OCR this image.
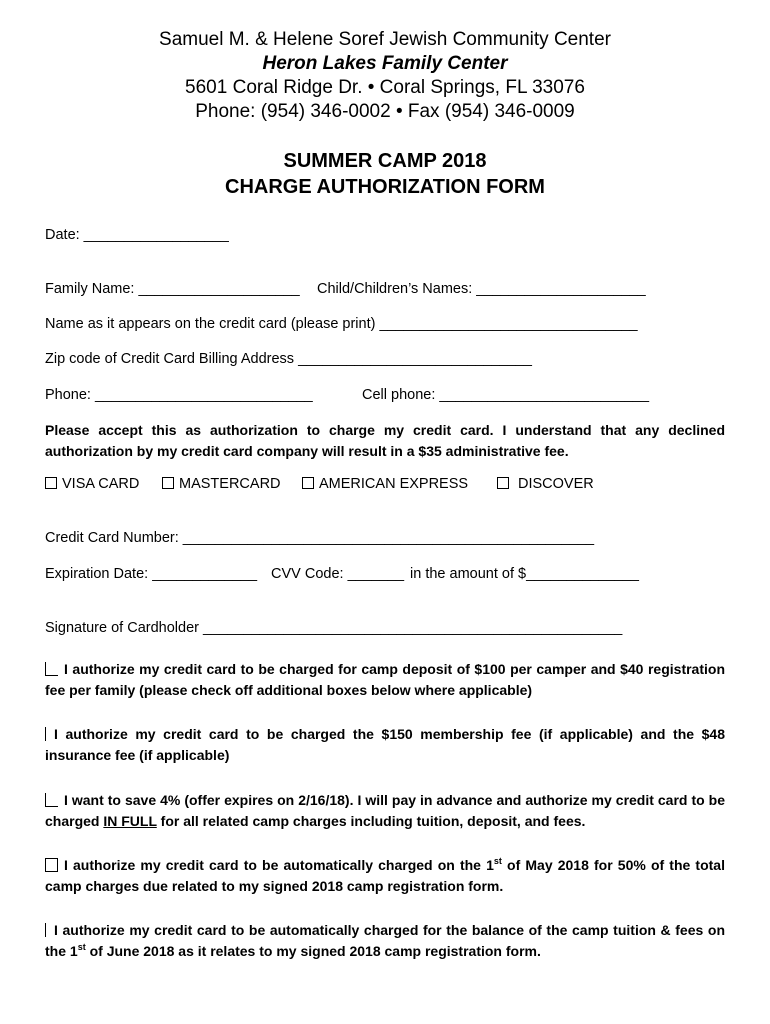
Samuel M. & Helene Soref Jewish Community Center
Heron Lakes Family Center
5601 Coral Ridge Dr. • Coral Springs, FL 33076
Phone: (954) 346-0002 • Fax (954) 346-0009
SUMMER CAMP 2018
CHARGE AUTHORIZATION FORM
Date: __________________
Family Name: ____________________ Child/Children’s Names: _____________________
Name as it appears on the credit card (please print) ________________________________
Zip code of Credit Card Billing Address _____________________________
Phone: ___________________________	Cell phone: __________________________
Please accept this as authorization to charge my credit card. I understand that any declined authorization by my credit card company will result in a $35 administrative fee.
VISA CARD	MASTERCARD	AMERICAN EXPRESS	DISCOVER
Credit Card Number: ___________________________________________________
Expiration Date: _____________ CVV Code: _______ in the amount of $______________
Signature of Cardholder ____________________________________________________
I authorize my credit card to be charged for camp deposit of $100 per camper and $40 registration fee per family (please check off additional boxes below where applicable)
I authorize my credit card to be charged the $150 membership fee (if applicable) and the $48 insurance fee (if applicable)
I want to save 4% (offer expires on 2/16/18). I will pay in advance and authorize my credit card to be charged IN FULL for all related camp charges including tuition, deposit, and fees.
I authorize my credit card to be automatically charged on the 1st of May 2018 for 50% of the total camp charges due related to my signed 2018 camp registration form.
I authorize my credit card to be automatically charged for the balance of the camp tuition & fees on the 1st of June 2018 as it relates to my signed 2018 camp registration form.
